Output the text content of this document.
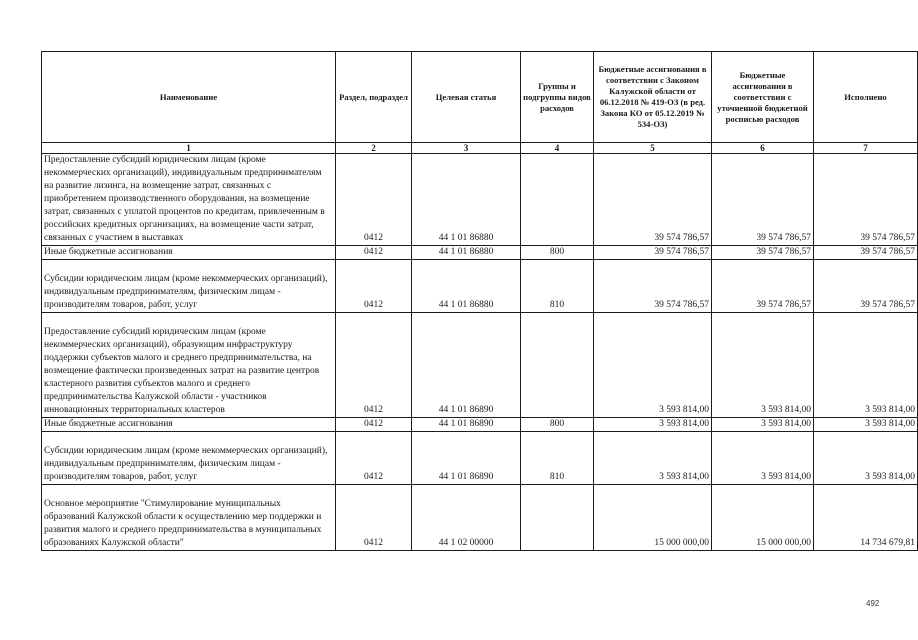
Наименование	Раздел, подраздел	Целевая статья	Группы и подгруппы видов расходов	Бюджетные ассигнования в соответствии с Законом Калужской области от 06.12.2018 № 419-ОЗ (в ред. Закона КО от 05.12.2019 № 534-ОЗ)	Бюджетные ассигнования в соответствии с уточненной бюджетной росписью расходов	Исполнено
1	2	3	4	5	6	7
Предоставление субсидий юридическим лицам (кроме некоммерческих организаций), индивидуальным предпринимателям на развитие лизинга, на возмещение затрат, связанных с приобретением производственного оборудования, на возмещение затрат, связанных с уплатой процентов по кредитам, привлеченным в российских кредитных организациях, на возмещение части затрат, связанных с участием в выставках	0412	44 1 01 86880		39 574 786,57	39 574 786,57	39 574 786,57
Иные бюджетные ассигнования	0412	44 1 01 86880	800	39 574 786,57	39 574 786,57	39 574 786,57
Субсидии юридическим лицам (кроме некоммерческих организаций), индивидуальным предпринимателям, физическим лицам - производителям товаров, работ, услуг	0412	44 1 01 86880	810	39 574 786,57	39 574 786,57	39 574 786,57
Предоставление субсидий юридическим лицам (кроме некоммерческих организаций), образующим инфраструктуру поддержки субъектов малого и среднего предпринимательства, на возмещение фактически произведенных затрат на развитие центров кластерного развития субъектов малого и среднего предпринимательства Калужской области - участников инновационных территориальных кластеров	0412	44 1 01 86890		3 593 814,00	3 593 814,00	3 593 814,00
Иные бюджетные ассигнования	0412	44 1 01 86890	800	3 593 814,00	3 593 814,00	3 593 814,00
Субсидии юридическим лицам (кроме некоммерческих организаций), индивидуальным предпринимателям, физическим лицам - производителям товаров, работ, услуг	0412	44 1 01 86890	810	3 593 814,00	3 593 814,00	3 593 814,00
Основное мероприятие "Стимулирование муниципальных образований Калужской области к осуществлению мер поддержки и развития малого и среднего предпринимательства в муниципальных образованиях Калужской области"	0412	44 1 02 00000		15 000 000,00	15 000 000,00	14 734 679,81
492
